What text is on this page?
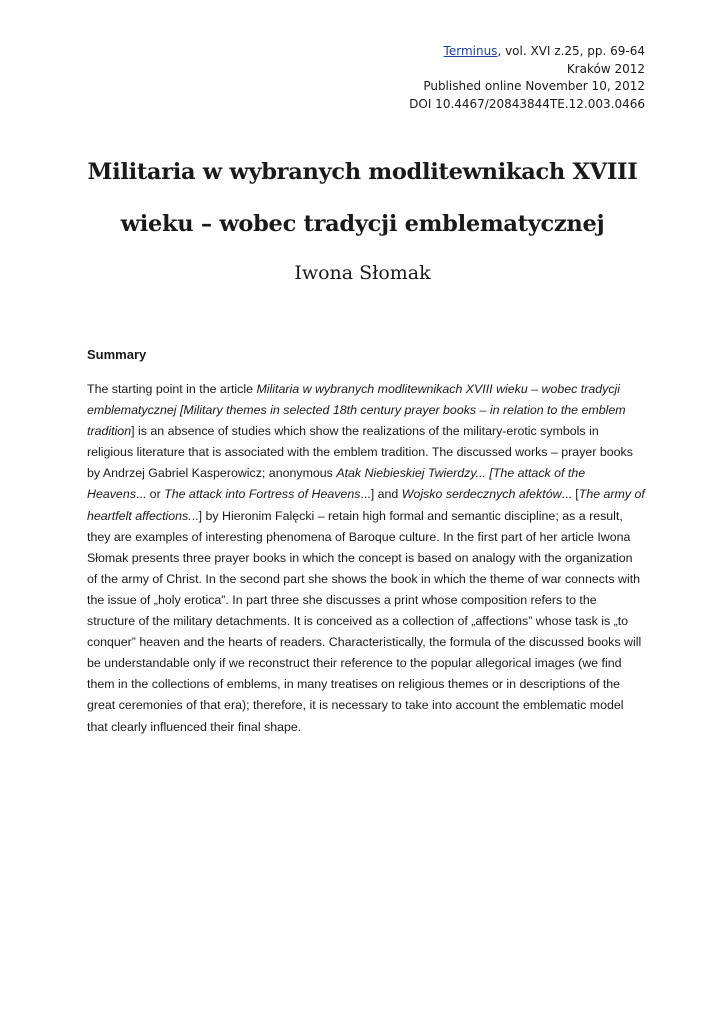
Terminus, vol. XVI z.25, pp. 69-64
Kraków 2012
Published online November 10, 2012
DOI 10.4467/20843844TE.12.003.0466
Militaria w wybranych modlitewnikach XVIII
wieku – wobec tradycji emblematycznej
Iwona Słomak
Summary
The starting point in the article Militaria w wybranych modlitewnikach XVIII wieku – wobec tradycji emblematycznej [Military themes in selected 18th century prayer books – in relation to the emblem tradition] is an absence of studies which show the realizations of the military-erotic symbols in religious literature that is associated with the emblem tradition. The discussed works – prayer books by Andrzej Gabriel Kasperowicz; anonymous Atak Niebieskiej Twierdzy... [The attack of the Heavens... or The attack into Fortress of Heavens...] and Wojsko serdecznych afektów... [The army of heartfelt affections...] by Hieronim Falęcki – retain high formal and semantic discipline; as a result, they are examples of interesting phenomena of Baroque culture. In the first part of her article Iwona Słomak presents three prayer books in which the concept is based on analogy with the organization of the army of Christ. In the second part she shows the book in which the theme of war connects with the issue of „holy erotica”. In part three she discusses a print whose composition refers to the structure of the military detachments. It is conceived as a collection of „affections” whose task is „to conquer” heaven and the hearts of readers. Characteristically, the formula of the discussed books will be understandable only if we reconstruct their reference to the popular allegorical images (we find them in the collections of emblems, in many treatises on religious themes or in descriptions of the great ceremonies of that era); therefore, it is necessary to take into account the emblematic model that clearly influenced their final shape.
